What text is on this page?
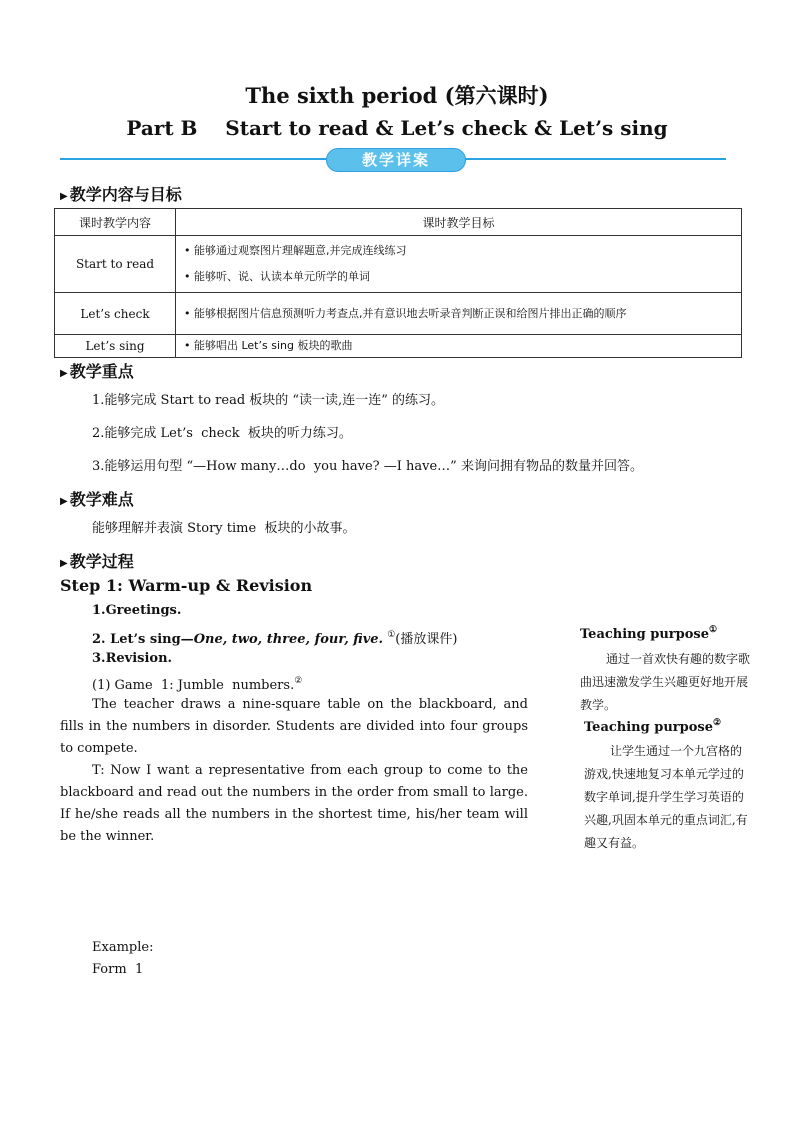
The sixth period (第六课时)
Part B    Start to read & Let’s check & Let’s sing
教学详案
▶ 教学内容与目标
课时教学内容	课时教学目标
Start to read	• 能够通过观察图片理解题意,并完成连线练习
• 能够听、说、认读本单元所学的单词

Let’s check	• 能够根据图片信息预测听力考查点,并有意识地去听录音判断正误和给图片排出正确的顺序

Let’s sing	• 能够唱出 Let’s sing 板块的歌曲
▶ 教学重点
1.能够完成 Start to read 板块的 “读一读,连一连” 的练习。
2.能够完成 Let’s  check  板块的听力练习。
3.能够运用句型 “—How many…do  you have? —I have…” 来询问拥有物品的数量并回答。
▶ 教学难点
能够理解并表演 Story time  板块的小故事。
▶ 教学过程
Step 1: Warm-up & Revision
1.Greetings.
2. Let’s sing—One, two, three, four, five. ①(播放课件)
3.Revision.
(1) Game  1: Jumble  numbers.②
The teacher draws a nine-square table on the blackboard, and fills in the numbers in disorder. Students are divided into four groups to compete.
T: Now I want a representative from each group to come to the blackboard and read out the numbers in the order from small to large. If he/she reads all the numbers in the shortest time, his/her team will be the winner.
Example:
Form  1
Teaching purpose①
通过一首欢快有趣的数字歌曲迅速激发学生兴趣更好地开展教学。
Teaching purpose②
让学生通过一个九宫格的游戏,快速地复习本单元学过的数字单词,提升学生学习英语的兴趣,巩固本单元的重点词汇,有趣又有益。
